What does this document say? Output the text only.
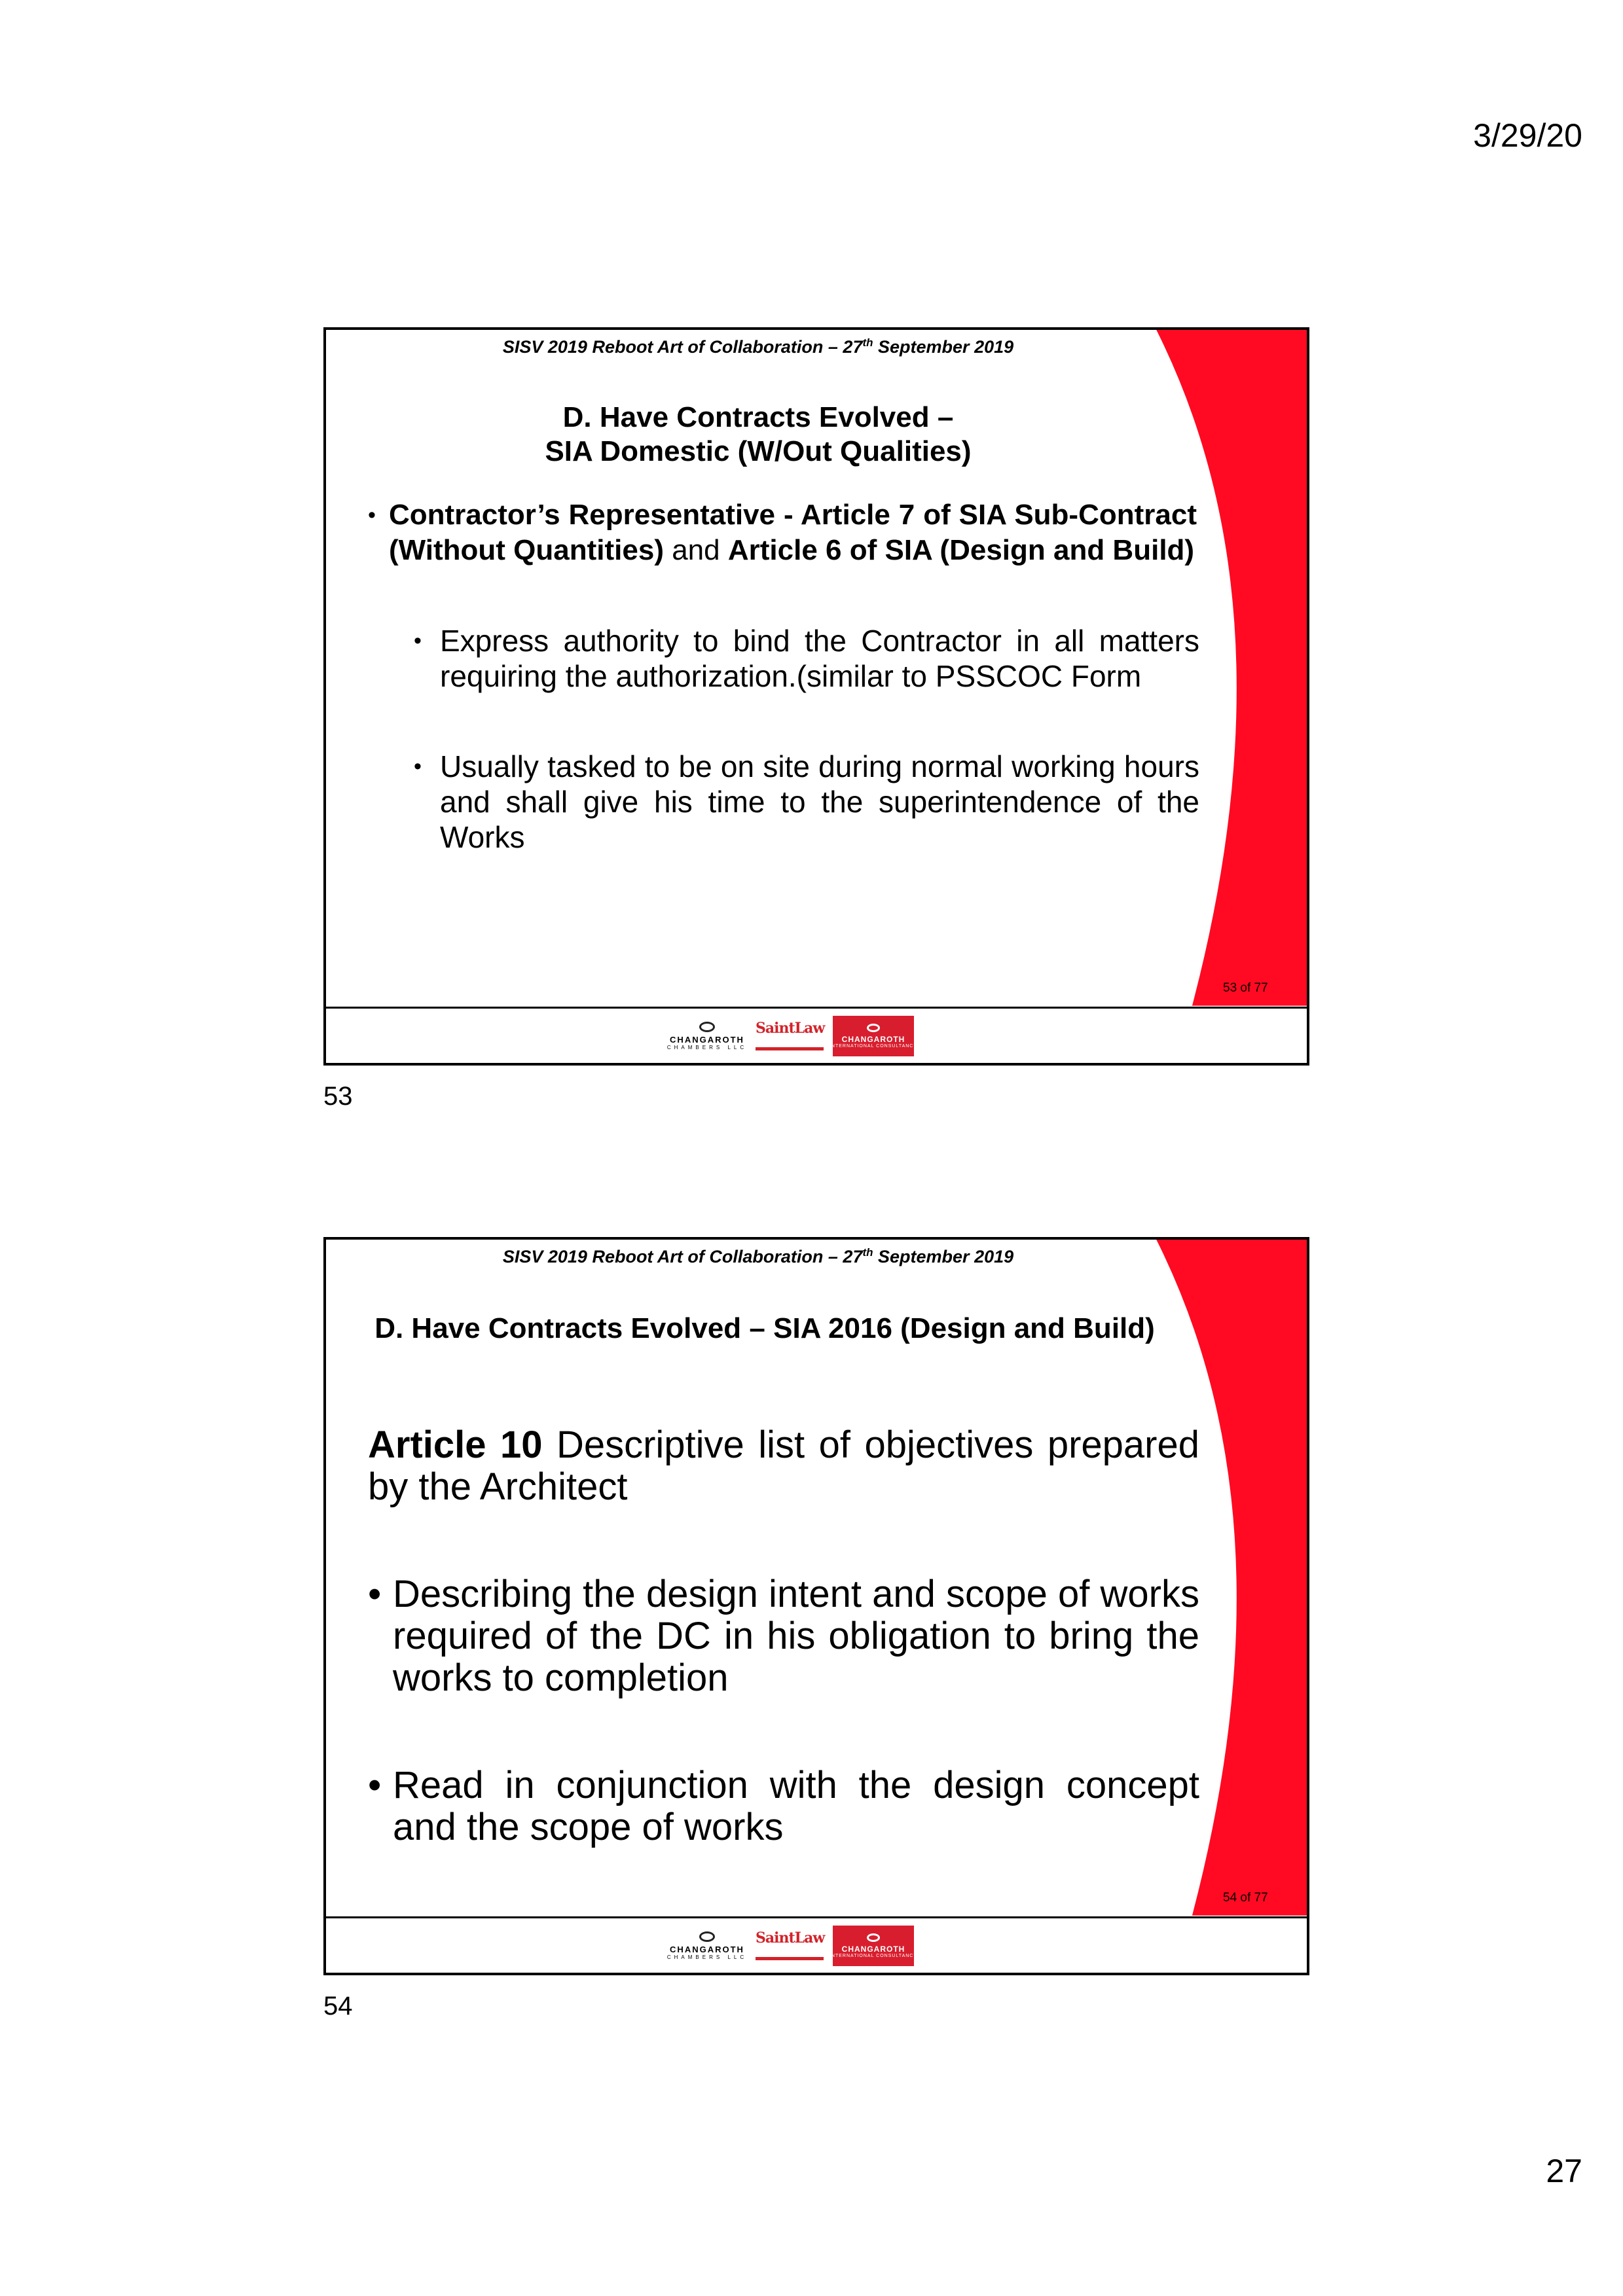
3/29/20
SISV 2019 Reboot Art of Collaboration – 27th September 2019
D. Have Contracts Evolved –
SIA Domestic (W/Out Qualities)
• Contractor’s Representative - Article 7 of SIA Sub-Contract (Without Quantities) and Article 6 of SIA (Design and Build)
• Express authority to bind the Contractor in all matters requiring the authorization.(similar to PSSCOC Form
• Usually tasked to be on site during normal working hours and shall give his time to the superintendence of the Works
53 of 77
CHANGAROTH
CHAMBERS LLC
SaintLaw
CHANGAROTH
INTERNATIONAL CONSULTANCY
53
SISV 2019 Reboot Art of Collaboration – 27th September 2019
D. Have Contracts Evolved – SIA 2016 (Design and Build)
Article 10 Descriptive list of objectives prepared by the Architect
• Describing the design intent and scope of works required of the DC in his obligation to bring the works to completion
• Read in conjunction with the design concept and the scope of works
54 of 77
CHANGAROTH
CHAMBERS LLC
SaintLaw
CHANGAROTH
INTERNATIONAL CONSULTANCY
54
27
